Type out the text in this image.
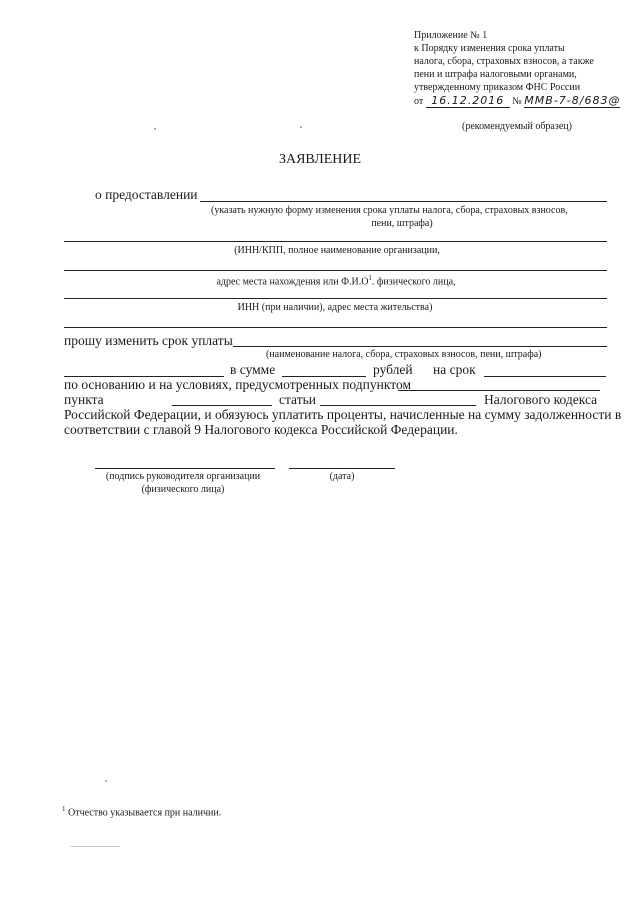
Приложение № 1
к Порядку изменения срока уплаты
налога, сбора, страховых взносов, а также
пени и штрафа налоговыми органами,
утвержденному приказом ФНС России
от 16.12.2016 № ММВ-7-8/683@
(рекомендуемый образец)
ЗАЯВЛЕНИЕ
о предоставлении
(указать нужную форму изменения срока уплаты налога, сбора, страховых взносов,
пени, штрафа)
(ИНН/КПП, полное наименование организации,
адрес места нахождения или $Ф.И.О^1$. физического лица,
ИНН (при наличии), адрес места жительства)
прошу изменить срок уплаты
(наименование налога, сбора, страховых взносов, пени, штрафа)
в сумме	рублей на срок
по основанию и на условиях, предусмотренных подпунктом
пункта	статьи	Налогового кодекса
Российской Федерации, и обязуюсь уплатить проценты, начисленные на сумму задолженности в
соответствии с главой 9 Налогового кодекса Российской Федерации.
(подпись руководителя организации
(физического лица)
(дата)
$^1$ Отчество указывается при наличии.
